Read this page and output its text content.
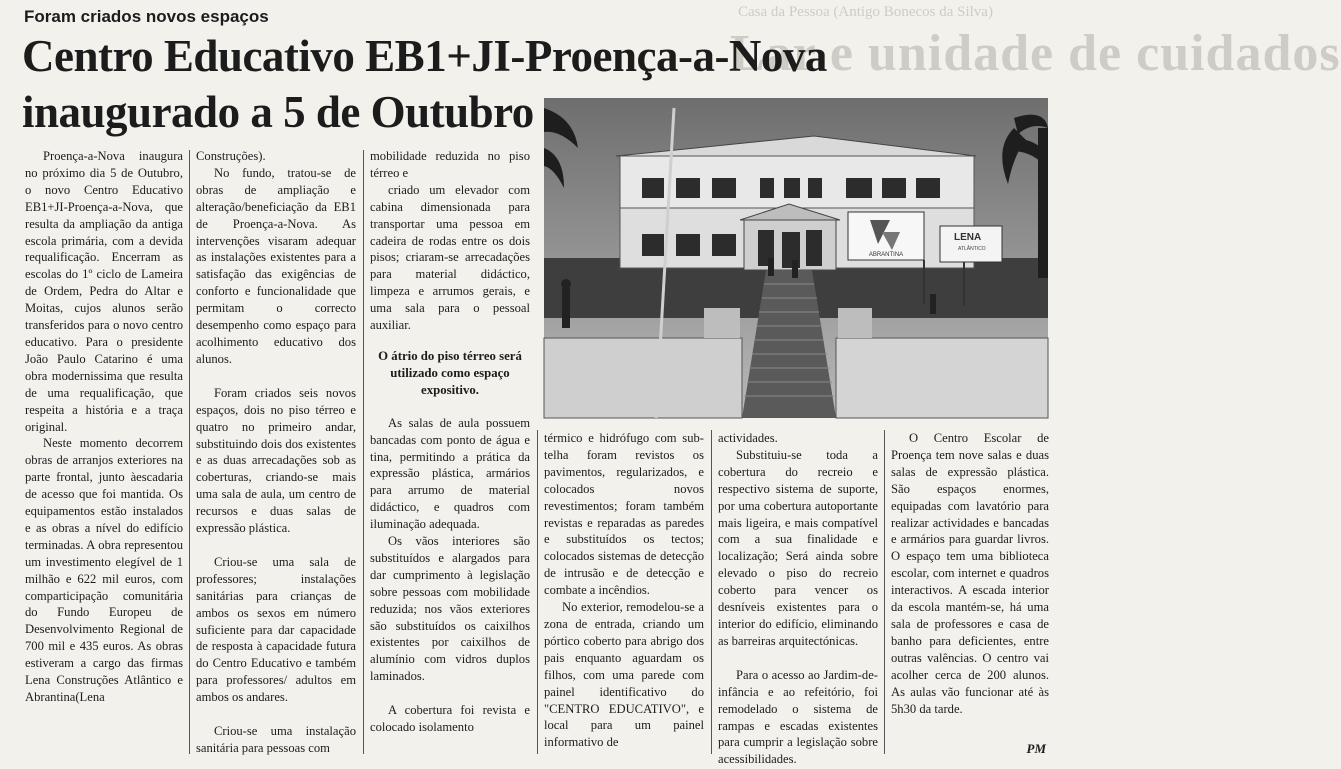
Casa da Pessoa (Antigo Bonecos da Silva)
Lar e unidade de cuidados
Foram criados novos espaços
Centro Educativo EB1+JI-Proença-a-Nova
inaugurado a 5 de Outubro
ABRANTINA
LENA
ATLÂNTICO

Proença-a-Nova inaugura no próximo dia 5 de Outubro, o novo Centro Educativo EB1+JI-Proença-a-Nova, que resulta da ampliação da antiga escola primária, com a devida requalificação. Encerram as escolas do 1º ciclo de Lameira de Ordem, Pedra do Altar e Moitas, cujos alunos serão transferidos para o novo centro educativo. Para o presidente João Paulo Catarino é uma obra modernissima que resulta de uma requalificação, que respeita a história e a traça original.

Neste momento decorrem obras de arranjos exteriores na parte frontal, junto àescadaria de acesso que foi mantida. Os equipamentos estão instalados e as obras a nível do edifício terminadas. A obra representou um investimento elegível de 1 milhão e 622 mil euros, com comparticipação comunitária do Fundo Europeu de Desenvolvimento Regional de 700 mil e 435 euros. As obras estiveram a cargo das firmas Lena Construções Atlântico e Abrantina(Lena

Construções).

No fundo, tratou-se de obras de ampliação e alteração/beneficiação da EB1 de Proença-a-Nova. As intervenções visaram adequar as instalações existentes para a satisfação das exigências de conforto e funcionalidade que permitam o correcto desempenho como espaço para acolhimento educativo dos alunos.

Foram criados seis novos espaços, dois no piso térreo e quatro no primeiro andar, substituindo dois dos existentes e as duas arrecadações sob as coberturas, criando-se mais uma sala de aula, um centro de recursos e duas salas de expressão plástica.

Criou-se uma sala de professores; instalações sanitárias para crianças de ambos os sexos em número suficiente para dar capacidade de resposta à capacidade futura do Centro Educativo e também para professores/ adultos em ambos os andares.

Criou-se uma instalação sanitária para pessoas com

mobilidade reduzida no piso térreo e

criado um elevador com cabina dimensionada para transportar uma pessoa em cadeira de rodas entre os dois pisos; criaram-se arrecadações para material didáctico, limpeza e arrumos gerais, e uma sala para o pessoal auxiliar.

O átrio do piso térreo será utilizado como espaço expositivo.

As salas de aula possuem bancadas com ponto de água e tina, permitindo a prática da expressão plástica, armários para arrumo de material didáctico, e quadros com iluminação adequada.

Os vãos interiores são substituídos e alargados para dar cumprimento à legislação sobre pessoas com mobilidade reduzida; nos vãos exteriores são substituídos os caixilhos existentes por caixilhos de alumínio com vidros duplos laminados.

A cobertura foi revista e colocado isolamento

térmico e hidrófugo com sub- telha foram revistos os pavimentos, regularizados, e colocados novos revestimentos; foram também revistas e reparadas as paredes e substituídos os tectos; colocados sistemas de detecção de intrusão e de detecção e combate a incêndios.

No exterior, remodelou-se a zona de entrada, criando um pórtico coberto para abrigo dos pais enquanto aguardam os filhos, com uma parede com painel identificativo do "CENTRO EDUCATIVO", e local para um painel informativo de

actividades.

Substituiu-se toda a cobertura do recreio e respectivo sistema de suporte, por uma cobertura autoportante mais ligeira, e mais compatível com a sua finalidade e localização; Será ainda sobre elevado o piso do recreio coberto para vencer os desníveis existentes para o interior do edifício, eliminando as barreiras arquitectónicas.

Para o acesso ao Jardim-de-infância e ao refeitório, foi remodelado o sistema de rampas e escadas existentes para cumprir a legislação sobre acessibilidades.

O Centro Escolar de Proença tem nove salas e duas salas de expressão plástica. São espaços enormes, equipadas com lavatório para realizar actividades e bancadas e armários para guardar livros. O espaço tem uma biblioteca escolar, com internet e quadros interactivos. A escada interior da escola mantém-se, há uma sala de professores e casa de banho para deficientes, entre outras valências. O centro vai acolher cerca de 200 alunos. As aulas vão funcionar até às 5h30 da tarde.

PM
